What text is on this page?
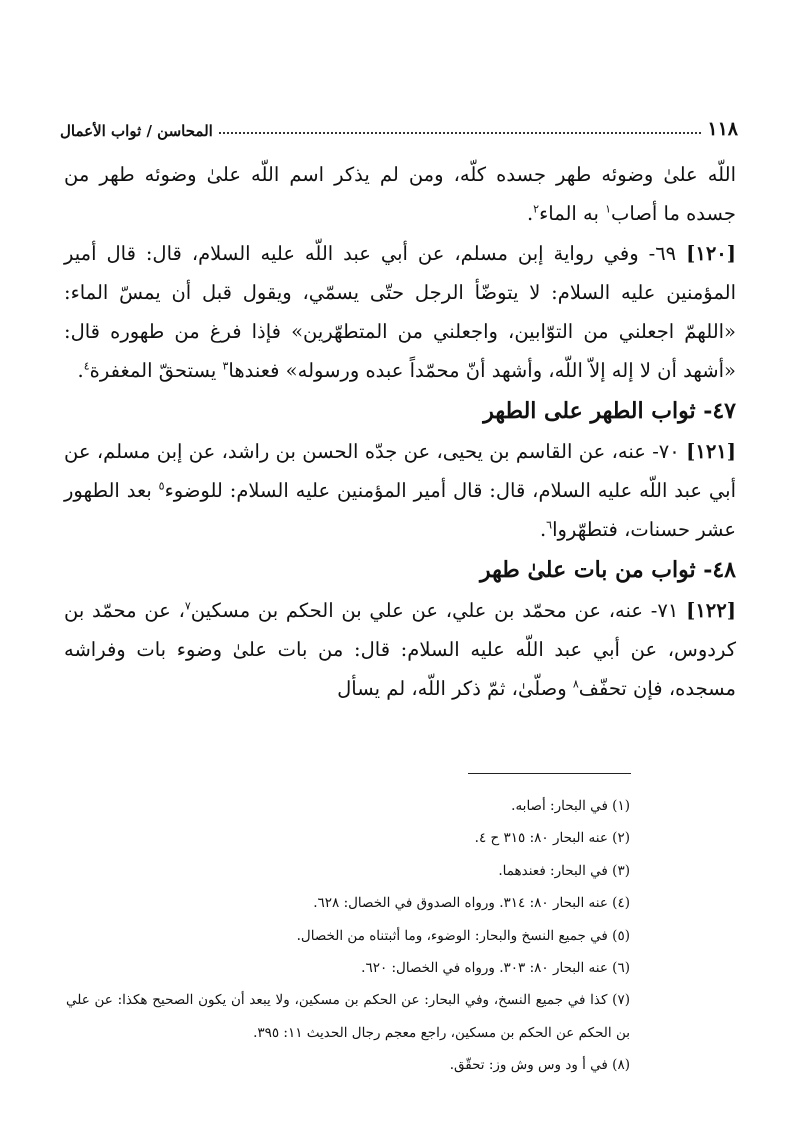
١١٨
المحاسن / ثواب الأعمال

اللّه علىٰ وضوئه طهر جسده كلّه، ومن لم يذكر اسم اللّه علىٰ وضوئه طهر من جسده ما أصاب$^١$ به الماء$^٢$.

[١٢٠] ٦٩- وفي رواية إبن مسلم، عن أبي عبد اللّه عليه السلام، قال: قال أمير المؤمنين عليه السلام: لا يتوضّأ الرجل حتّى يسمّي، ويقول قبل أن يمسّ الماء: «اللهمّ اجعلني من التوّابين، واجعلني من المتطهّرين» فإذا فرغ من طهوره قال: «أشهد أن لا إله إلاّ اللّه، وأشهد أنّ محمّداً عبده ورسوله» فعندها$^٣$ يستحقّ المغفرة$^٤$.

٤٧- ثواب الطهر على الطهر

[١٢١] ٧٠- عنه، عن القاسم بن يحيى، عن جدّه الحسن بن راشد، عن إبن مسلم، عن أبي عبد اللّه عليه السلام، قال: قال أمير المؤمنين عليه السلام: للوضوء$^٥$ بعد الطهور عشر حسنات، فتطهّروا$^٦$.

٤٨- ثواب من بات علىٰ طهر

[١٢٢] ٧١- عنه، عن محمّد بن علي، عن علي بن الحكم بن مسكين$^٧$، عن محمّد بن كردوس، عن أبي عبد اللّه عليه السلام: قال: من بات علىٰ وضوء بات وفراشه مسجده، فإن تحفّف$^٨$ وصلّىٰ، ثمّ ذكر اللّه، لم يسأل

(١) في البحار: أصابه.

(٢) عنه البحار ٨٠: ٣١٥ ح ٤.

(٣) في البحار: فعندهما.

(٤) عنه البحار ٨٠: ٣١٤. ورواه الصدوق في الخصال: ٦٢٨.

(٥) في جميع النسخ والبحار: الوضوء، وما أثبتناه من الخصال.

(٦) عنه البحار ٨٠: ٣٠٣. ورواه في الخصال: ٦٢٠.

(٧) كذا في جميع النسخ، وفي البحار: عن الحكم بن مسكين، ولا يبعد أن يكون الصحيح هكذا: عن علي بن الحكم عن الحكم بن مسكين، راجع معجم رجال الحديث ١١: ٣٩٥.

(٨) في أ ود وس وش وز: تحقّق.
